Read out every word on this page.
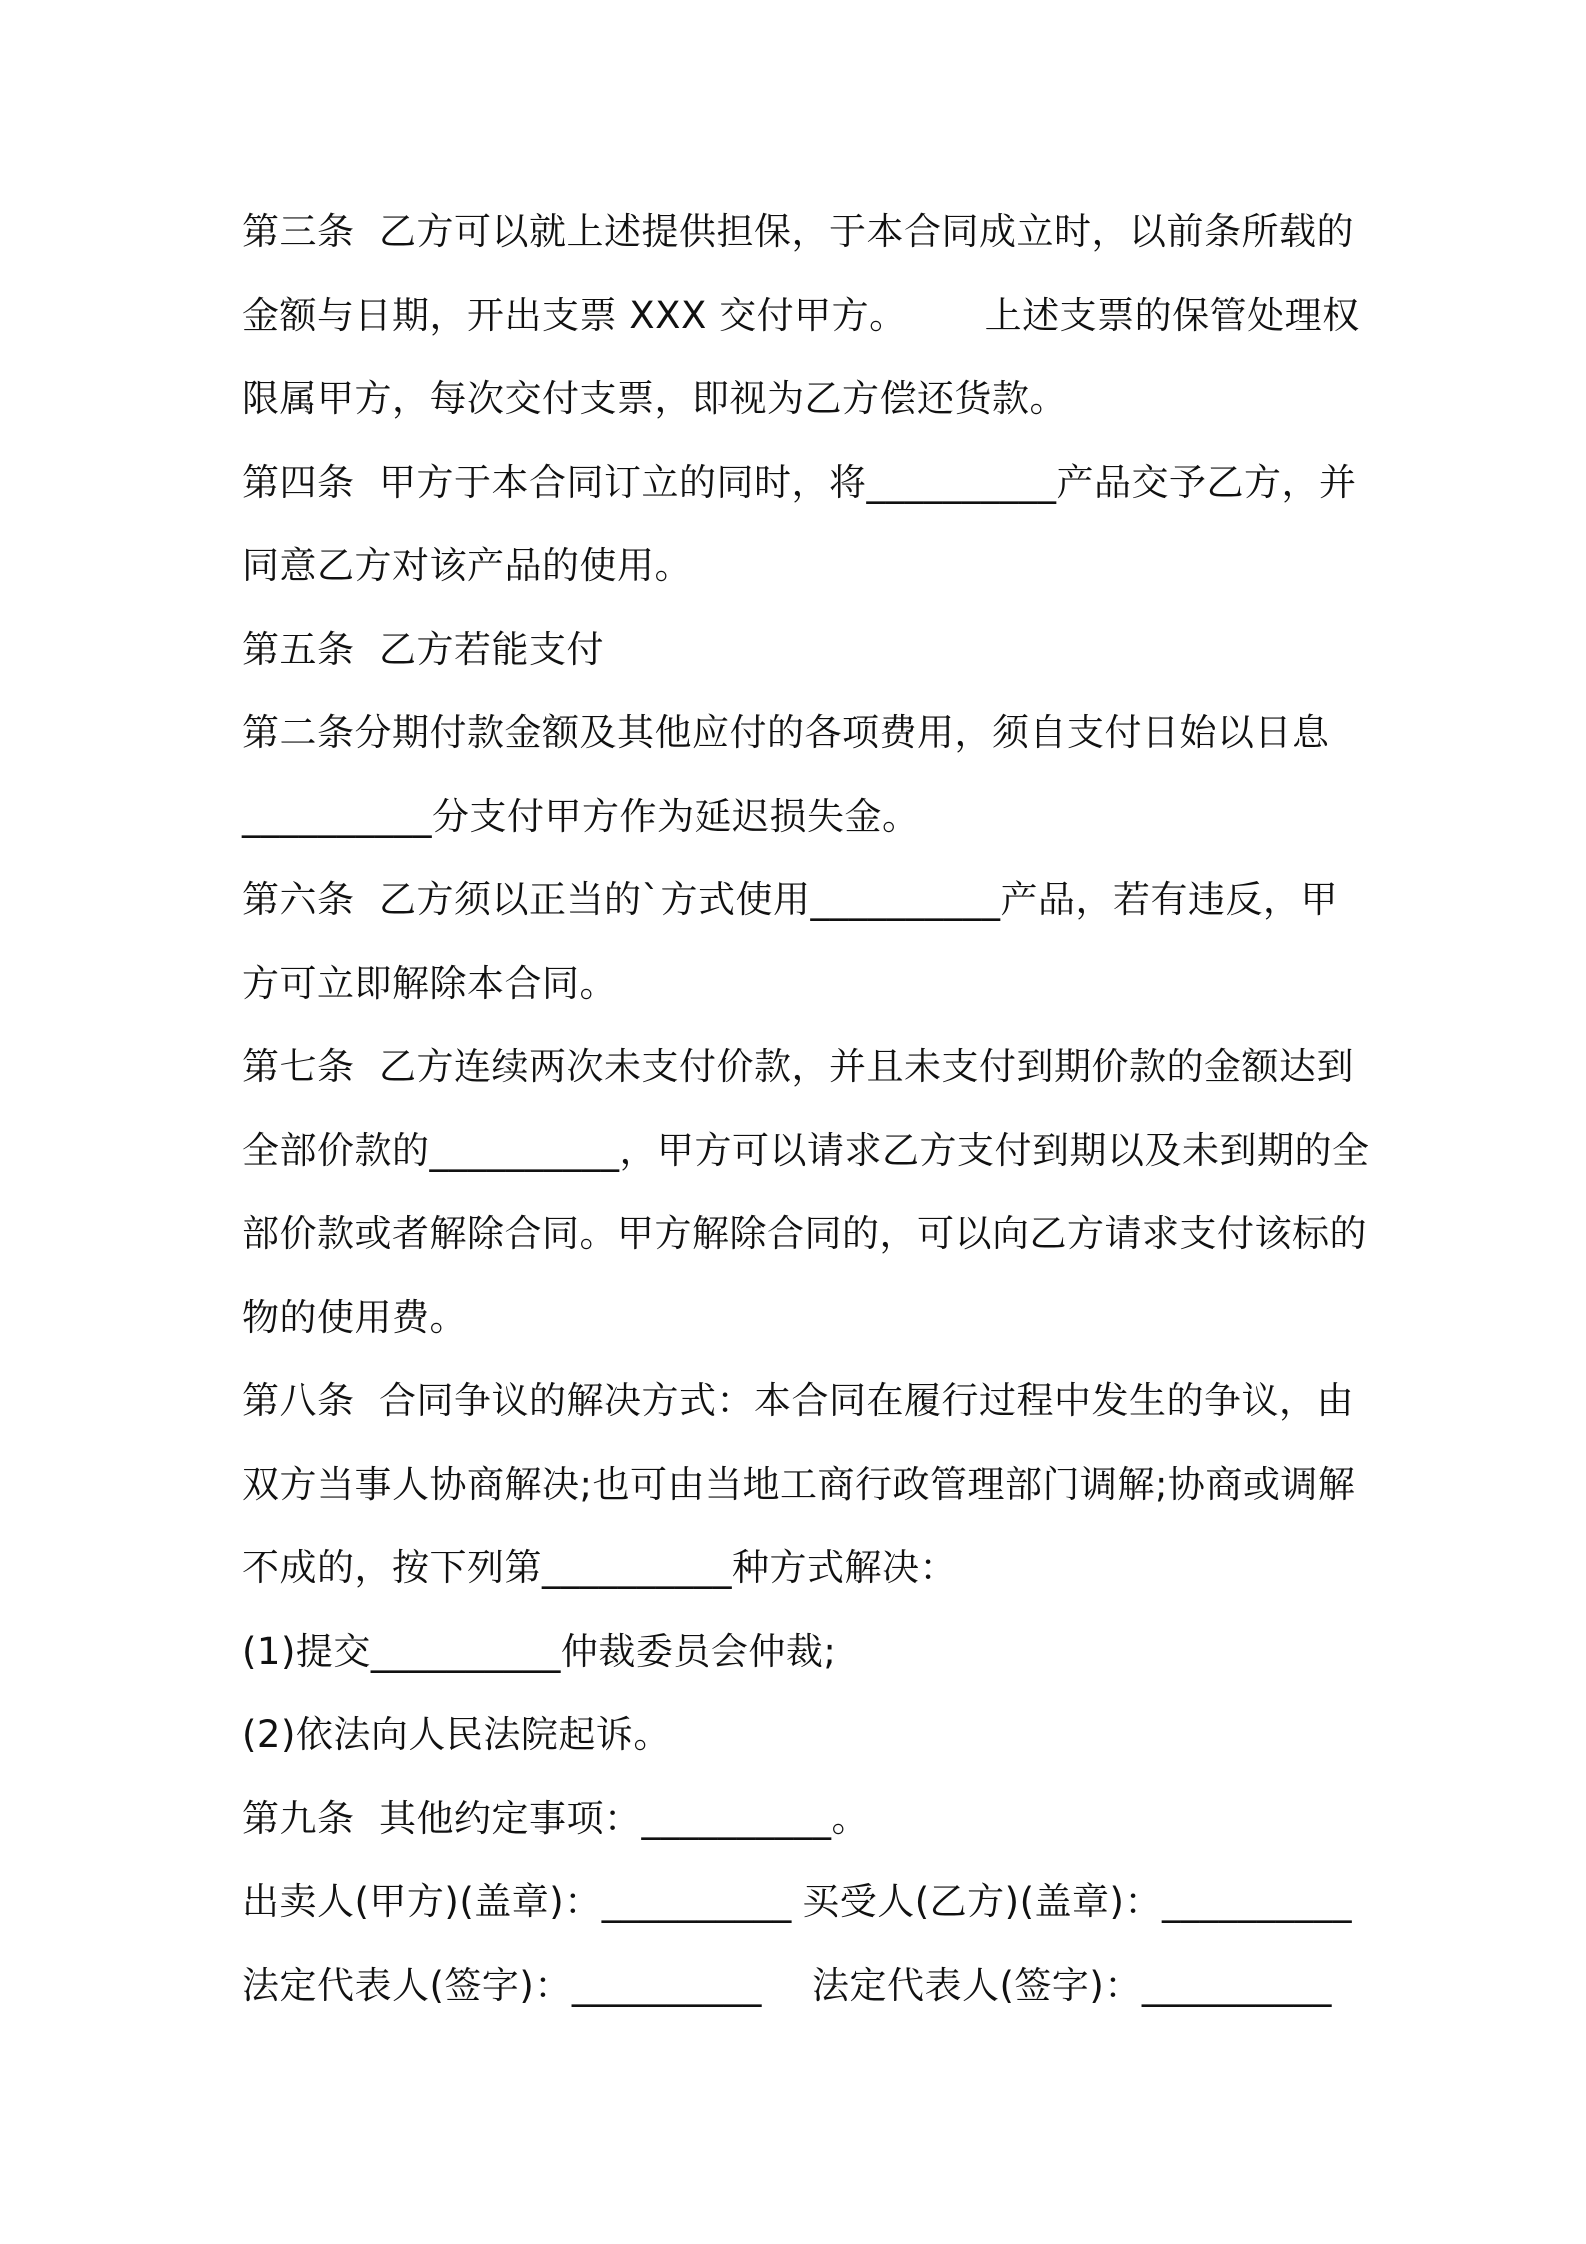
第三条  乙方可以就上述提供担保，于本合同成立时，以前条所载的
金额与日期，开出支票 XXX 交付甲方。 上述支票的保管处理权
限属甲方，每次交付支票，即视为乙方偿还货款。
第四条  甲方于本合同订立的同时，将__________产品交予乙方，并
同意乙方对该产品的使用。
第五条  乙方若能支付
第二条分期付款金额及其他应付的各项费用，须自支付日始以日息
__________分支付甲方作为延迟损失金。
第六条  乙方须以正当的`方式使用__________产品，若有违反，甲
方可立即解除本合同。
第七条  乙方连续两次未支付价款，并且未支付到期价款的金额达到
全部价款的__________，甲方可以请求乙方支付到期以及未到期的全
部价款或者解除合同。甲方解除合同的，可以向乙方请求支付该标的
物的使用费。
第八条  合同争议的解决方式：本合同在履行过程中发生的争议，由
双方当事人协商解决;也可由当地工商行政管理部门调解;协商或调解
不成的，按下列第__________种方式解决：
(1)提交__________仲裁委员会仲裁;
(2)依法向人民法院起诉。
第九条  其他约定事项：__________。
出卖人(甲方)(盖章)：__________ 买受人(乙方)(盖章)：__________
法定代表人(签字)：__________	法定代表人(签字)：__________
